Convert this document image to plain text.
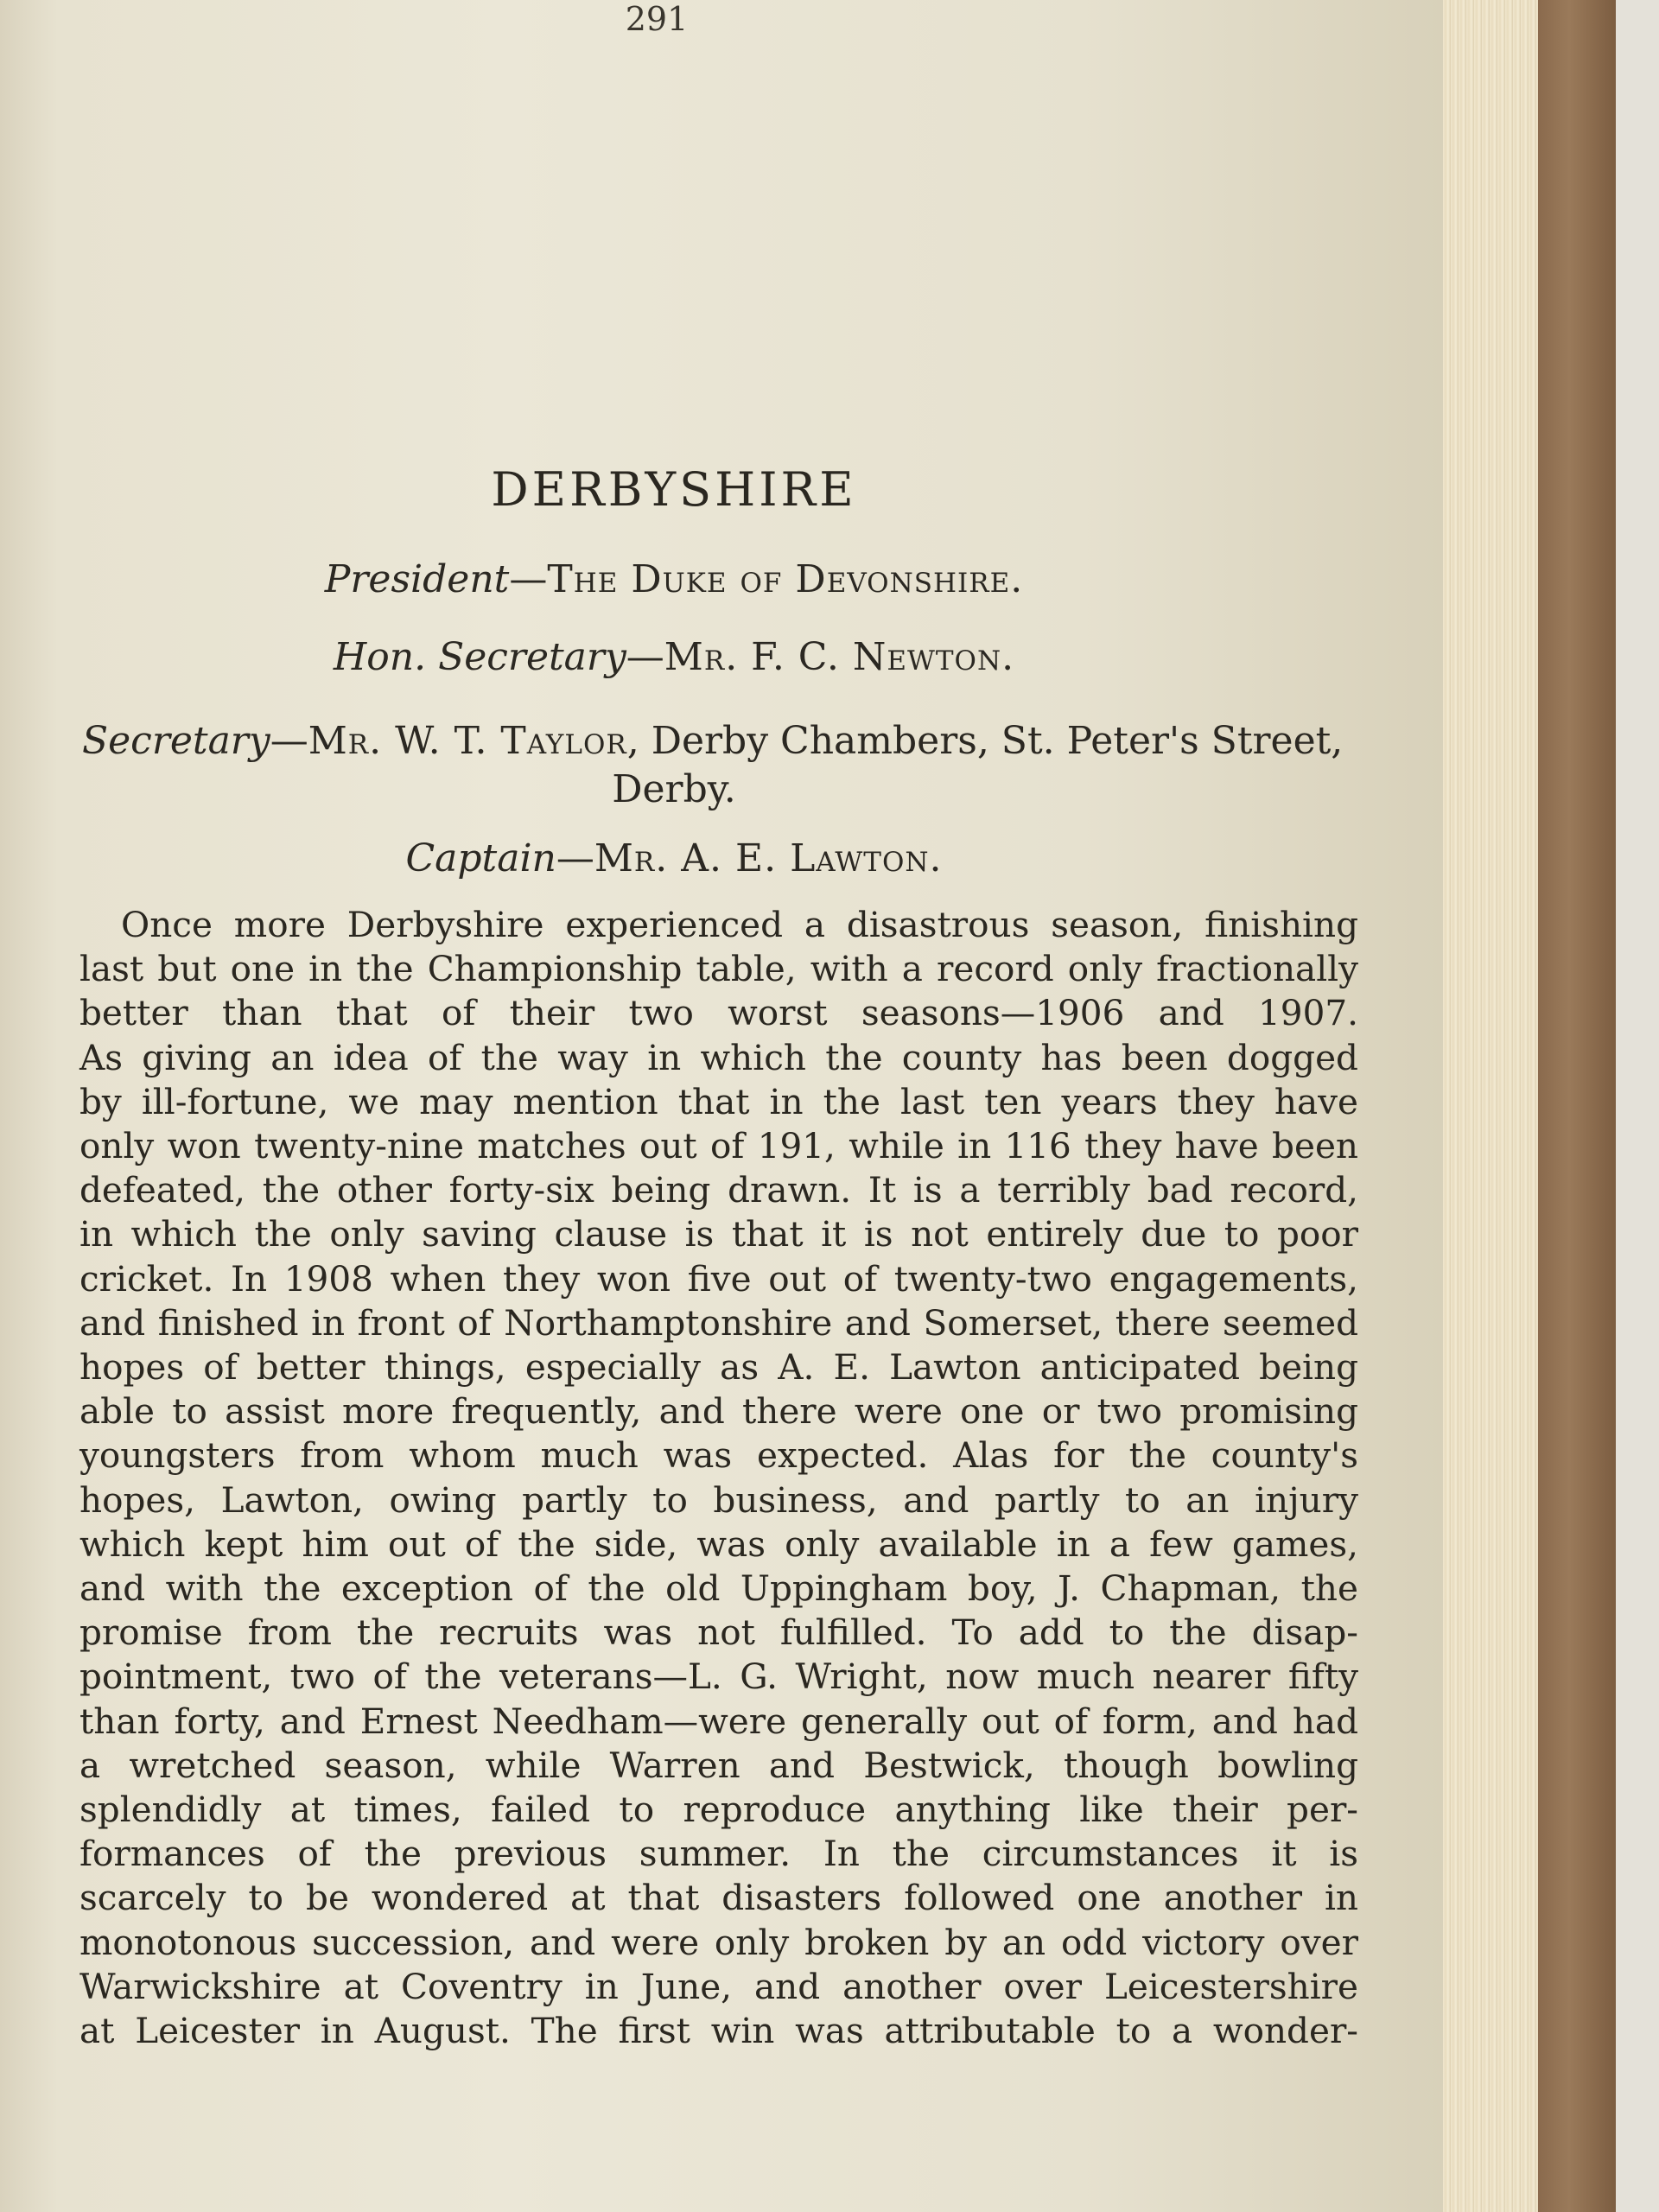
291
DERBYSHIRE
President—The Duke of Devonshire.
Hon. Secretary—Mr. F. C. Newton.
Secretary—Mr. W. T. Taylor, Derby Chambers, St. Peter's Street,
Derby.
Captain—Mr. A. E. Lawton.
Once more Derbyshire experienced a disastrous season, finishing
last but one in the Championship table, with a record only fractionally
better than that of their two worst seasons—1906 and 1907.
As giving an idea of the way in which the county has been dogged
by ill-fortune, we may mention that in the last ten years they have
only won twenty-nine matches out of 191, while in 116 they have been
defeated, the other forty-six being drawn. It is a terribly bad record,
in which the only saving clause is that it is not entirely due to poor
cricket. In 1908 when they won five out of twenty-two engagements,
and finished in front of Northamptonshire and Somerset, there seemed
hopes of better things, especially as A. E. Lawton anticipated being
able to assist more frequently, and there were one or two promising
youngsters from whom much was expected. Alas for the county's
hopes, Lawton, owing partly to business, and partly to an injury
which kept him out of the side, was only available in a few games,
and with the exception of the old Uppingham boy, J. Chapman, the
promise from the recruits was not fulfilled. To add to the disap-
pointment, two of the veterans—L. G. Wright, now much nearer fifty
than forty, and Ernest Needham—were generally out of form, and had
a wretched season, while Warren and Bestwick, though bowling
splendidly at times, failed to reproduce anything like their per-
formances of the previous summer. In the circumstances it is
scarcely to be wondered at that disasters followed one another in
monotonous succession, and were only broken by an odd victory over
Warwickshire at Coventry in June, and another over Leicestershire
at Leicester in August. The first win was attributable to a wonder-
